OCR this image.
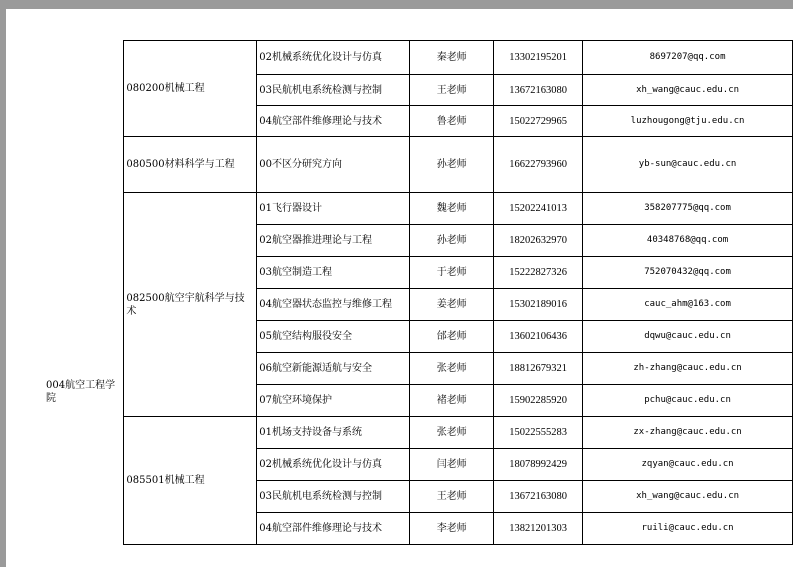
004航空工程学院	080200机械工程	02机械系统优化设计与仿真	秦老师	13302195201	8697207@qq.com
		03民航机电系统检测与控制	王老师	13672163080	xh_wang@cauc.edu.cn
		04航空部件维修理论与技术	鲁老师	15022729965	luzhougong@tju.edu.cn
	080500材料科学与工程	00不区分研究方向	孙老师	16622793960	yb-sun@cauc.edu.cn
	082500航空宇航科学与技术	01飞行器设计	魏老师	15202241013	358207775@qq.com
		02航空器推进理论与工程	孙老师	18202632970	40348768@qq.com
		03航空制造工程	于老师	15222827326	752070432@qq.com
		04航空器状态监控与维修工程	姜老师	15302189016	cauc_ahm@163.com
		05航空结构服役安全	邰老师	13602106436	dqwu@cauc.edu.cn
		06航空新能源适航与安全	张老师	18812679321	zh-zhang@cauc.edu.cn
		07航空环境保护	褚老师	15902285920	pchu@cauc.edu.cn
	085501机械工程	01机场支持设备与系统	张老师	15022555283	zx-zhang@cauc.edu.cn
		02机械系统优化设计与仿真	闫老师	18078992429	zqyan@cauc.edu.cn
		03民航机电系统检测与控制	王老师	13672163080	xh_wang@cauc.edu.cn
		04航空部件维修理论与技术	李老师	13821201303	ruili@cauc.edu.cn
